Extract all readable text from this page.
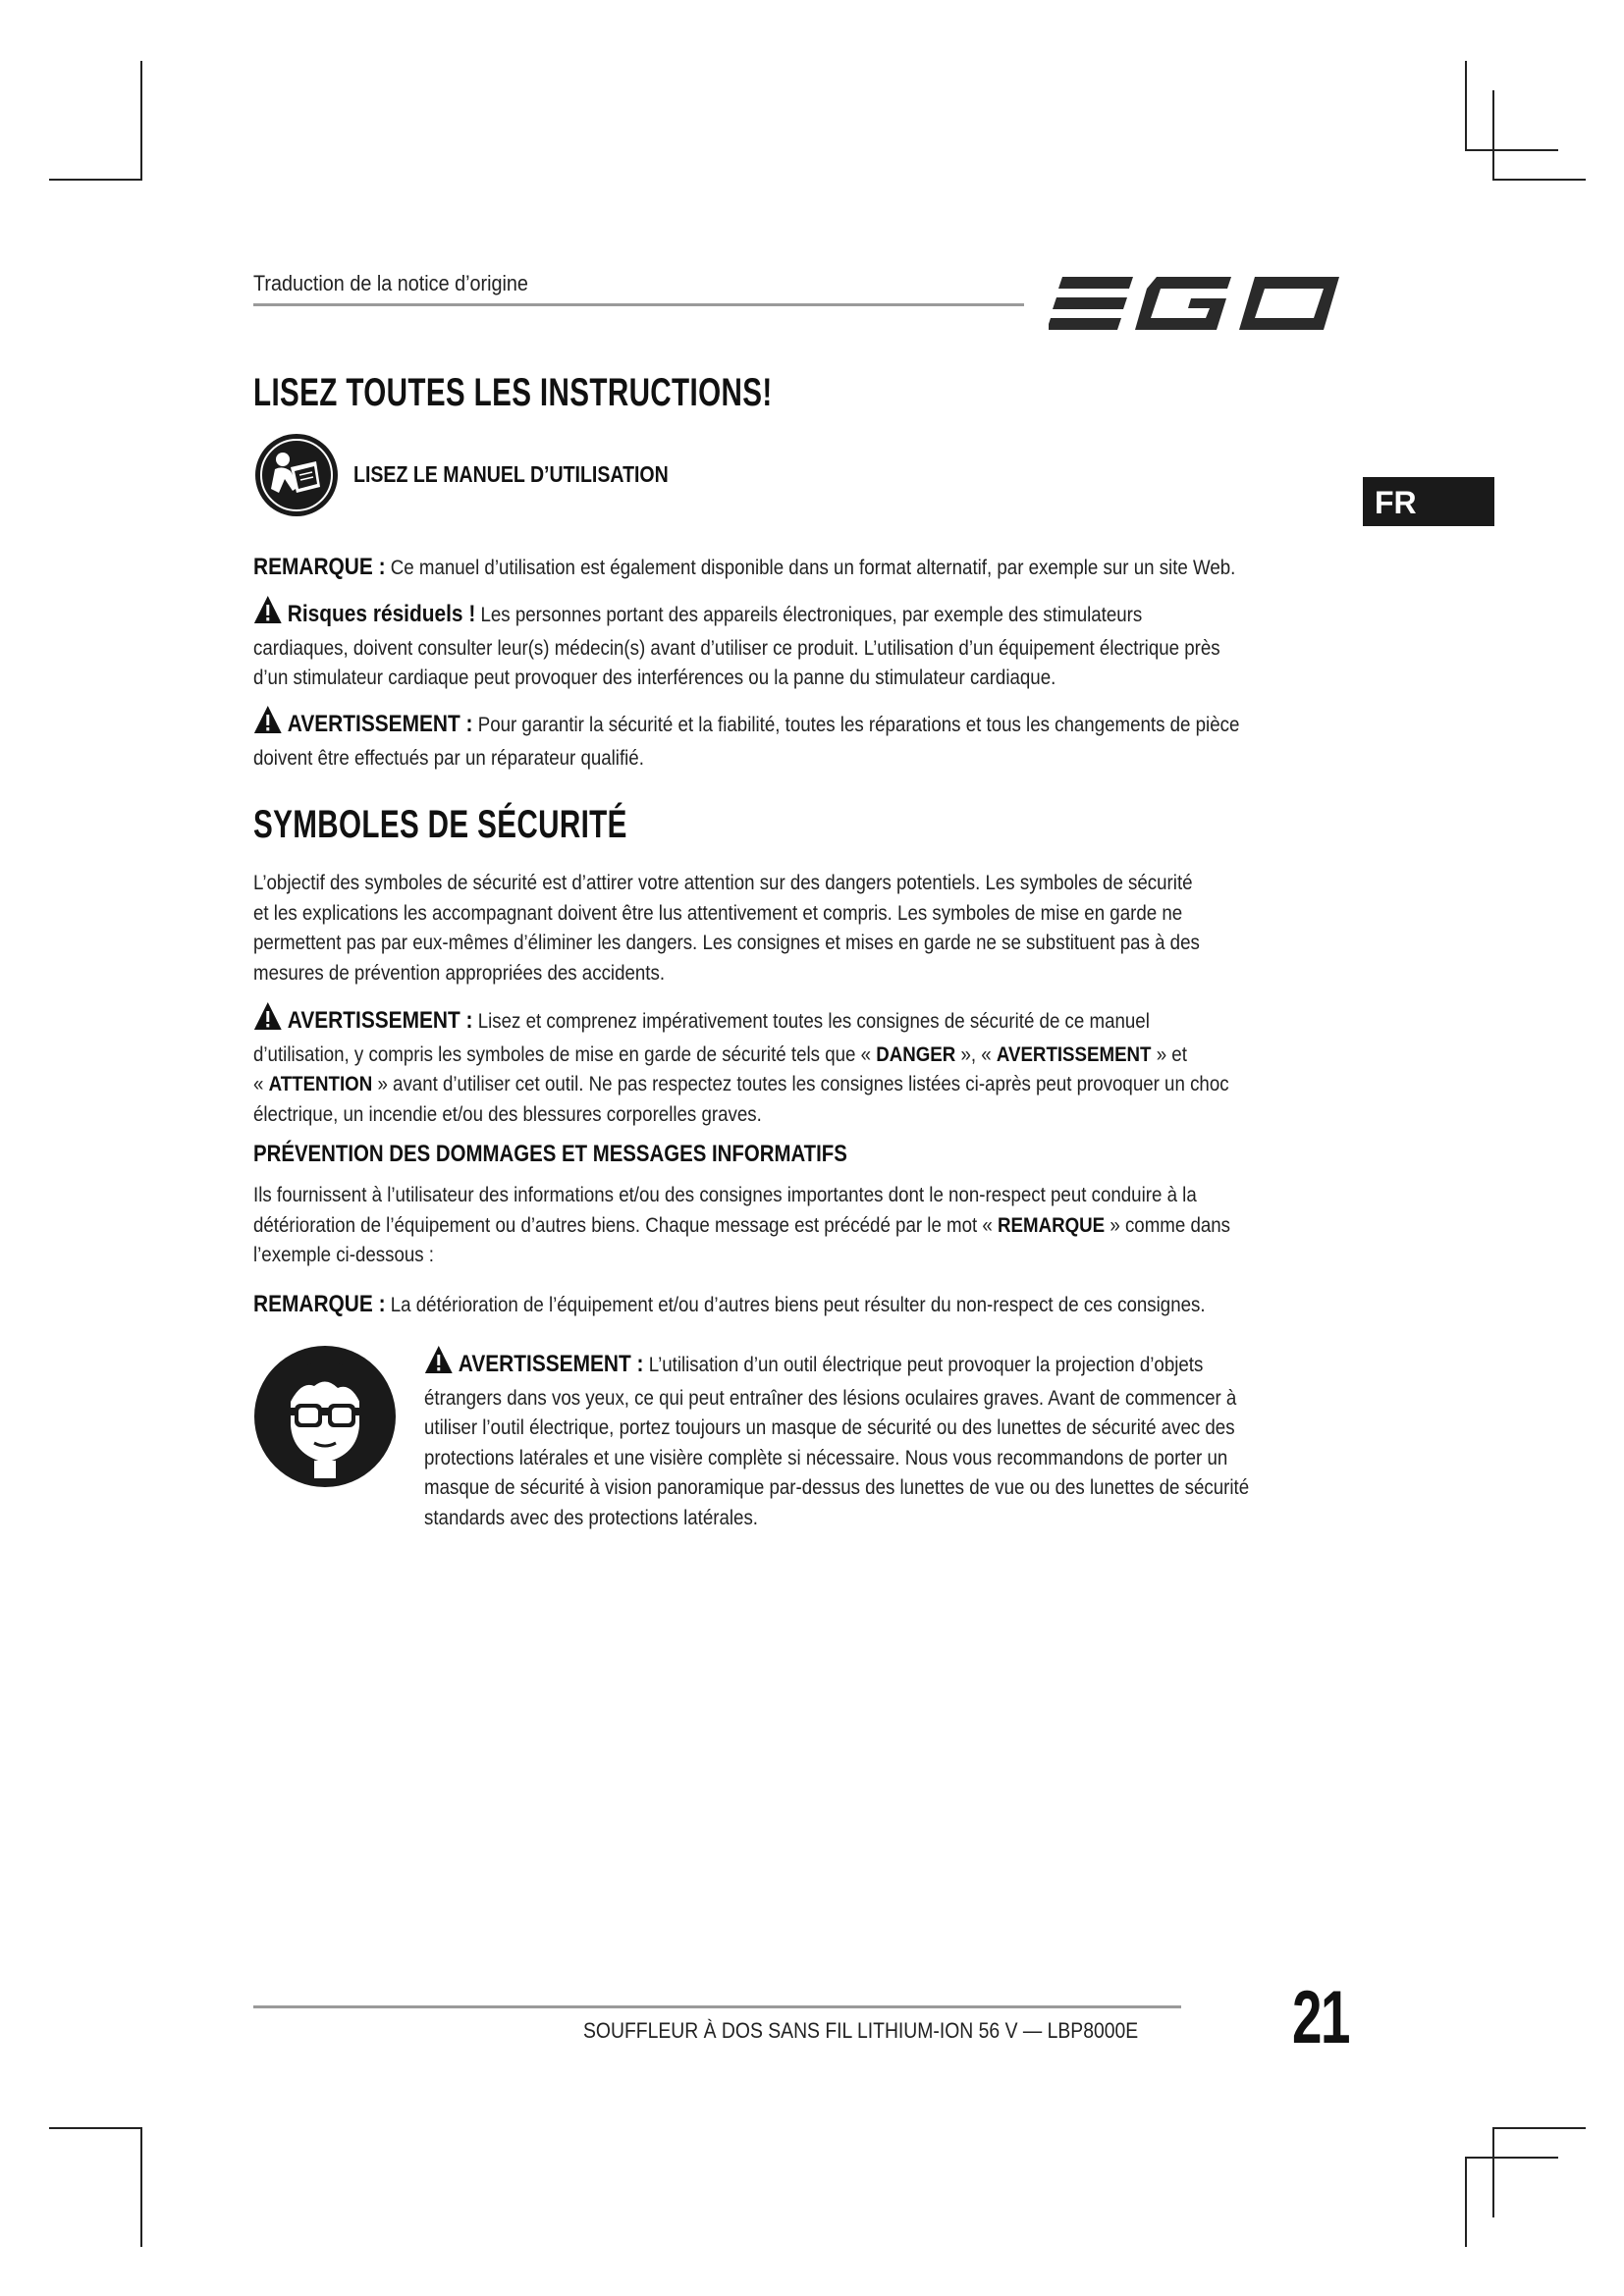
Traduction de la notice d’origine	EGO
FR
LISEZ TOUTES LES INSTRUCTIONS!
LISEZ LE MANUEL D’UTILISATION
REMARQUE : Ce manuel d’utilisation est également disponible dans un format alternatif, par exemple sur un site Web.
Risques résiduels ! Les personnes portant des appareils électroniques, par exemple des stimulateurs
cardiaques, doivent consulter leur(s) médecin(s) avant d’utiliser ce produit. L’utilisation d’un équipement électrique près
d’un stimulateur cardiaque peut provoquer des interférences ou la panne du stimulateur cardiaque.
AVERTISSEMENT : Pour garantir la sécurité et la fiabilité, toutes les réparations et tous les changements de pièce
doivent être effectués par un réparateur qualifié.
SYMBOLES DE SÉCURITÉ
L’objectif des symboles de sécurité est d’attirer votre attention sur des dangers potentiels. Les symboles de sécurité
et les explications les accompagnant doivent être lus attentivement et compris. Les symboles de mise en garde ne
permettent pas par eux-mêmes d’éliminer les dangers. Les consignes et mises en garde ne se substituent pas à des
mesures de prévention appropriées des accidents.
AVERTISSEMENT : Lisez et comprenez impérativement toutes les consignes de sécurité de ce manuel
d’utilisation, y compris les symboles de mise en garde de sécurité tels que « DANGER », « AVERTISSEMENT » et
« ATTENTION » avant d’utiliser cet outil. Ne pas respectez toutes les consignes listées ci-après peut provoquer un choc
électrique, un incendie et/ou des blessures corporelles graves.
PRÉVENTION DES DOMMAGES ET MESSAGES INFORMATIFS
Ils fournissent à l’utilisateur des informations et/ou des consignes importantes dont le non-respect peut conduire à la
détérioration de l’équipement ou d’autres biens. Chaque message est précédé par le mot « REMARQUE » comme dans
l’exemple ci-dessous :
REMARQUE : La détérioration de l’équipement et/ou d’autres biens peut résulter du non-respect de ces consignes.
AVERTISSEMENT : L’utilisation d’un outil électrique peut provoquer la projection d’objets
étrangers dans vos yeux, ce qui peut entraîner des lésions oculaires graves. Avant de commencer à
utiliser l’outil électrique, portez toujours un masque de sécurité ou des lunettes de sécurité avec des
protections latérales et une visière complète si nécessaire. Nous vous recommandons de porter un
masque de sécurité à vision panoramique par-dessus des lunettes de vue ou des lunettes de sécurité
standards avec des protections latérales.
SOUFFLEUR À DOS SANS FIL LITHIUM-ION 56 V — LBP8000E 21
